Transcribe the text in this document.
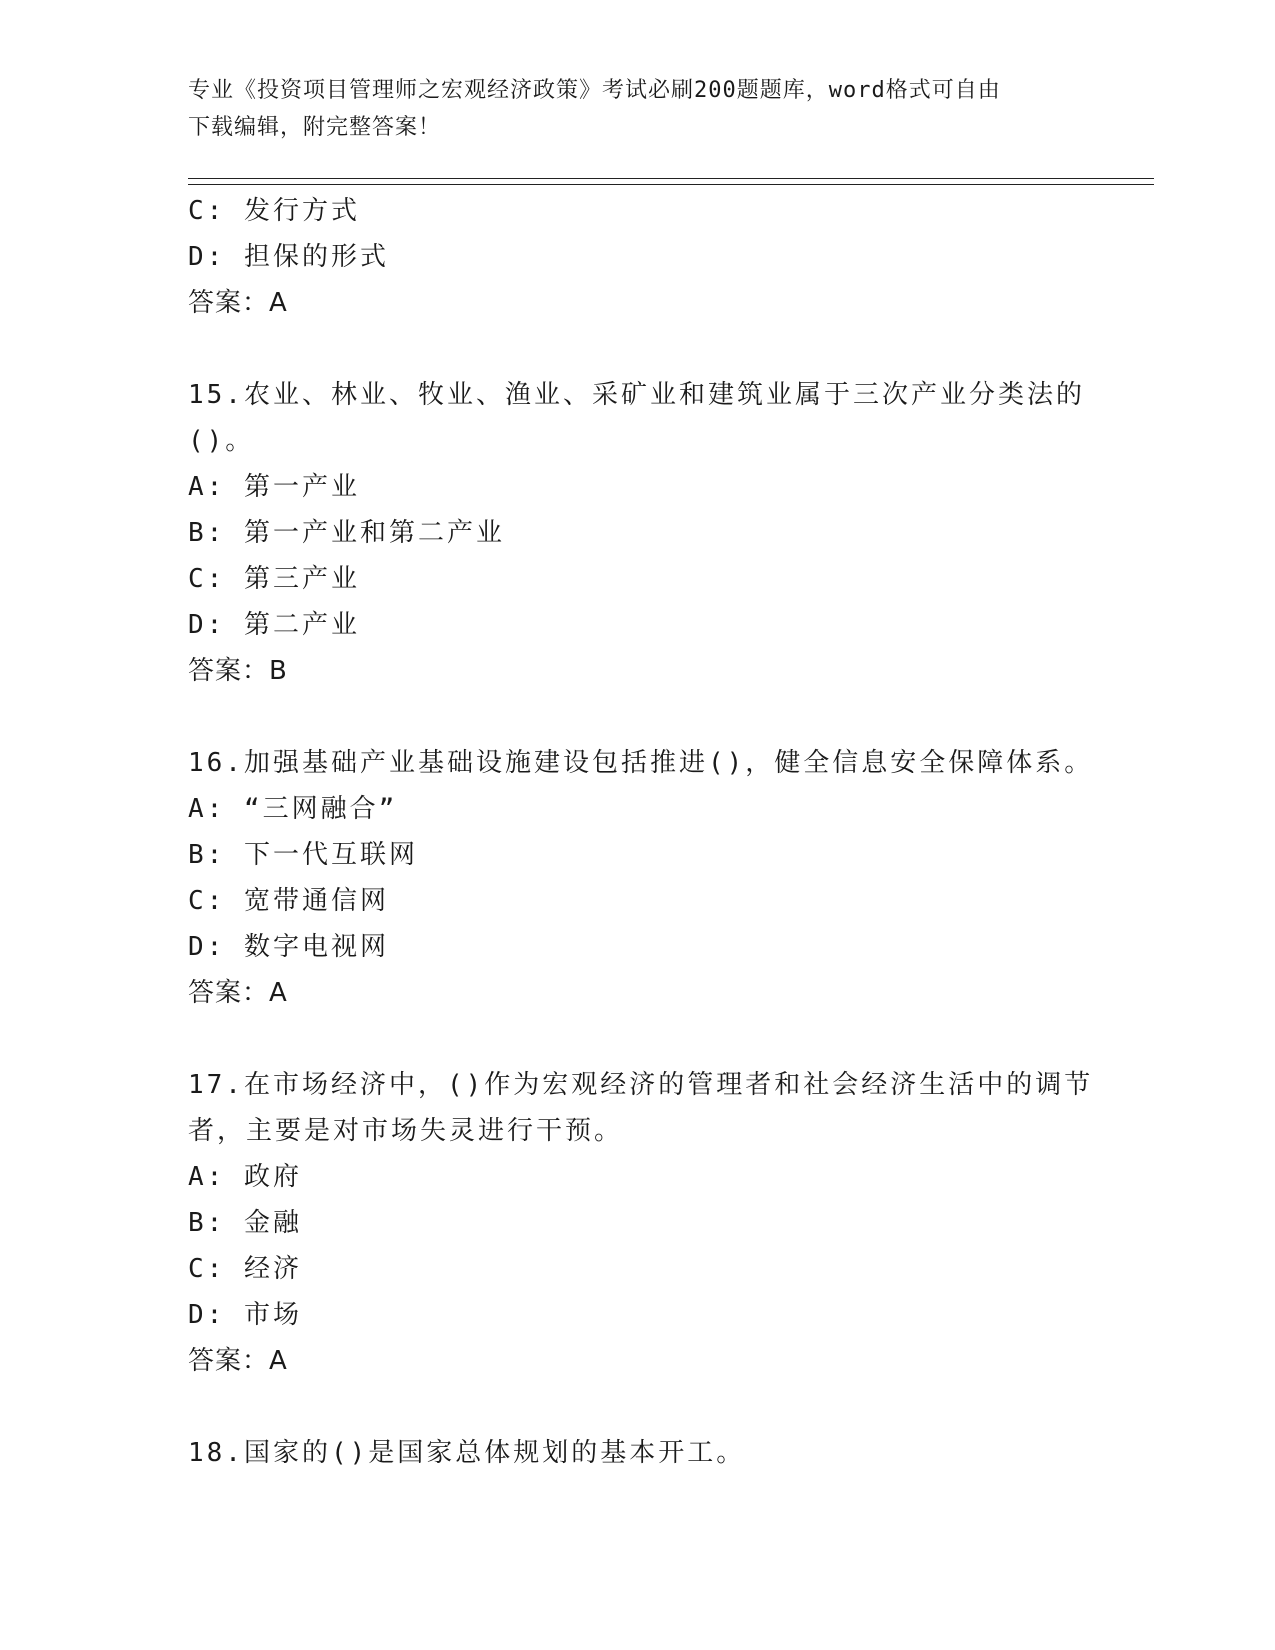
专业《投资项目管理师之宏观经济政策》考试必刷200题题库，word格式可自由
下载编辑，附完整答案！
C: 发行方式
D: 担保的形式
答案：A
15.农业、林业、牧业、渔业、采矿业和建筑业属于三次产业分类法的
()。
A: 第一产业
B: 第一产业和第二产业
C: 第三产业
D: 第二产业
答案：B
16.加强基础产业基础设施建设包括推进()，健全信息安全保障体系。
A: “三网融合”
B: 下一代互联网
C: 宽带通信网
D: 数字电视网
答案：A
17.在市场经济中，()作为宏观经济的管理者和社会经济生活中的调节
者，主要是对市场失灵进行干预。
A: 政府
B: 金融
C: 经济
D: 市场
答案：A
18.国家的()是国家总体规划的基本开工。
